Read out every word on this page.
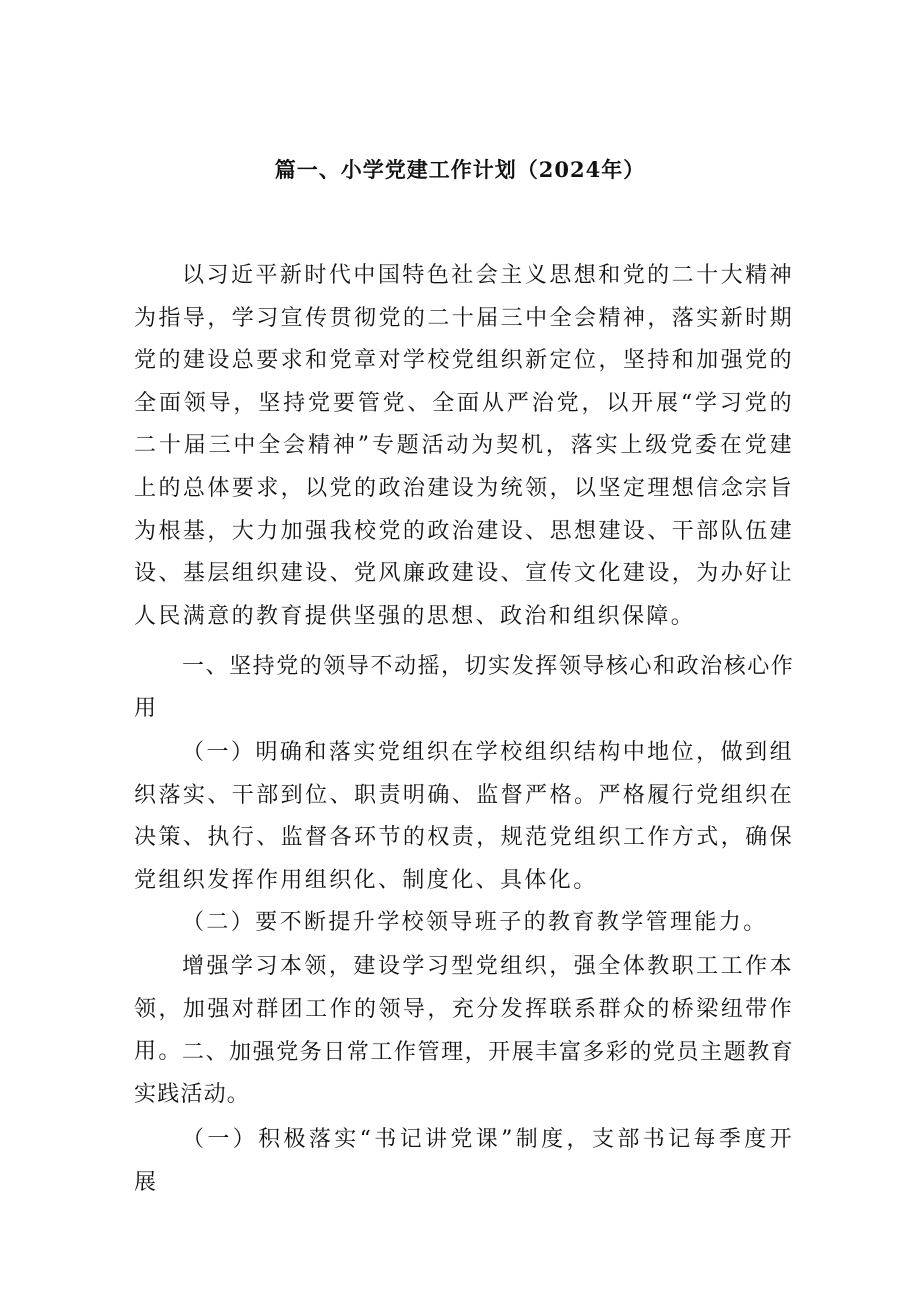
篇一、小学党建工作计划（2024年）

以习近平新时代中国特色社会主义思想和党的二十大精神为指导，学习宣传贯彻党的二十届三中全会精神，落实新时期党的建设总要求和党章对学校党组织新定位，坚持和加强党的全面领导，坚持党要管党、全面从严治党，以开展“学习党的二十届三中全会精神”专题活动为契机，落实上级党委在党建上的总体要求，以党的政治建设为统领，以坚定理想信念宗旨为根基，大力加强我校党的政治建设、思想建设、干部队伍建设、基层组织建设、党风廉政建设、宣传文化建设，为办好让人民满意的教育提供坚强的思想、政治和组织保障。

一、坚持党的领导不动摇，切实发挥领导核心和政治核心作用

（一）明确和落实党组织在学校组织结构中地位，做到组织落实、干部到位、职责明确、监督严格。严格履行党组织在决策、执行、监督各环节的权责，规范党组织工作方式，确保党组织发挥作用组织化、制度化、具体化。

（二）要不断提升学校领导班子的教育教学管理能力。

增强学习本领，建设学习型党组织，强全体教职工工作本领，加强对群团工作的领导，充分发挥联系群众的桥梁纽带作用。 二、加强党务日常工作管理，开展丰富多彩的党员主题教育实践活动。

（一）积极落实“书记讲党课”制度，支部书记每季度开展
